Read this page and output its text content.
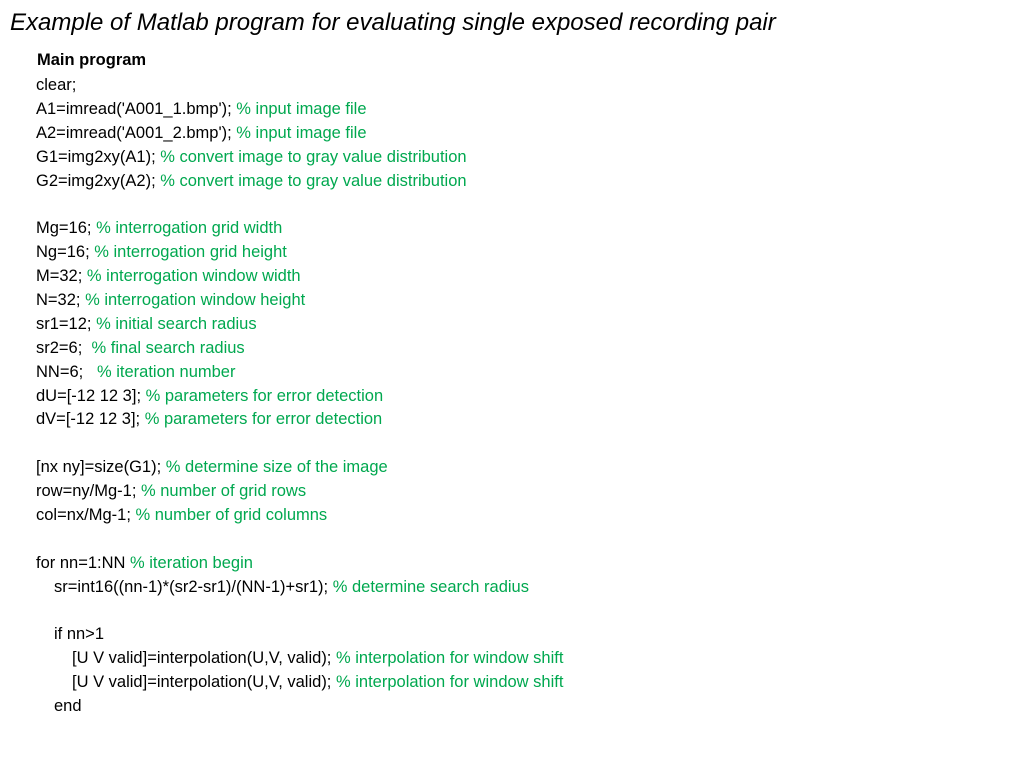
Example of Matlab program for evaluating single exposed recording pair
Main program
clear;
A1=imread('A001_1.bmp'); % input image file
A2=imread('A001_2.bmp'); % input image file
G1=img2xy(A1); % convert image to gray value distribution
G2=img2xy(A2); % convert image to gray value distribution
Mg=16; % interrogation grid width
Ng=16; % interrogation grid height
M=32; % interrogation window width
N=32; % interrogation window height
sr1=12; % initial search radius
sr2=6;  % final search radius
NN=6;   % iteration number
dU=[-12 12 3]; % parameters for error detection
dV=[-12 12 3]; % parameters for error detection
[nx ny]=size(G1); % determine size of the image
row=ny/Mg-1; % number of grid rows
col=nx/Mg-1; % number of grid columns
for nn=1:NN % iteration begin
sr=int16((nn-1)*(sr2-sr1)/(NN-1)+sr1); % determine search radius
if nn>1
[U V valid]=interpolation(U,V, valid); % interpolation for window shift
[U V valid]=interpolation(U,V, valid); % interpolation for window shift
end
